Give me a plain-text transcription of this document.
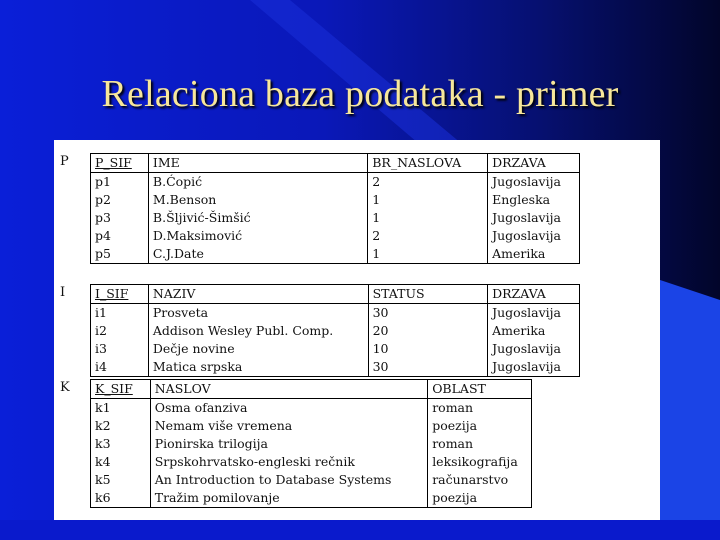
Relaciona baza podataka - primer
P P_SIF	IME	BR_NASLOVA	DRZAVA
p1	B.Ćopić	2	Jugoslavija
p2	M.Benson	1	Engleska
p3	B.Šljivić-Šimšić	1	Jugoslavija
p4	D.Maksimović	2	Jugoslavija
p5	C.J.Date	1	Amerika
I I_SIF	NAZIV	STATUS	DRZAVA
i1	Prosveta	30	Jugoslavija
i2	Addison Wesley Publ. Comp.	20	Amerika
i3	Dečje novine	10	Jugoslavija
i4	Matica srpska	30	Jugoslavija
K K_SIF	NASLOV	OBLAST
k1	Osma ofanziva	roman
k2	Nemam više vremena	poezija
k3	Pionirska trilogija	roman
k4	Srpskohrvatsko-engleski rečnik	leksikografija
k5	An Introduction to Database Systems	računarstvo
k6	Tražim pomilovanje	poezija
